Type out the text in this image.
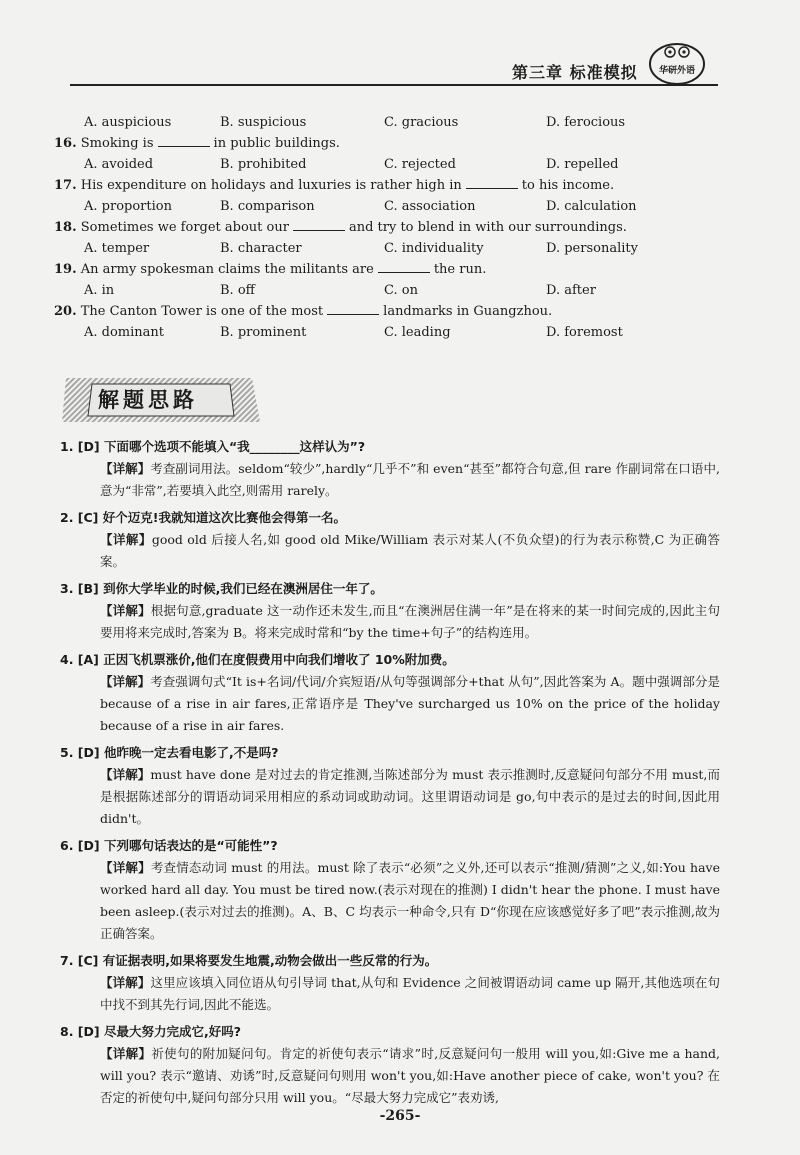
第三章 标准模拟	华研外语
A. auspicious	B. suspicious	C. gracious	D. ferocious
16. Smoking is	in public buildings.
A. avoided	B. prohibited	C. rejected	D. repelled
17. His expenditure on holidays and luxuries is rather high in	to his income.
A. proportion	B. comparison	C. association	D. calculation
18. Sometimes we forget about our	and try to blend in with our surroundings.
A. temper	B. character	C. individuality	D. personality
19. An army spokesman claims the militants are	the run.
A. in	B. off	C. on	D. after
20. The Canton Tower is one of the most	landmarks in Guangzhou.
A. dominant	B. prominent	C. leading	D. foremost
解题思路
1. [D] 下面哪个选项不能填入“我________这样认为”?
【详解】考查副词用法。seldom“较少”,hardly“几乎不”和 even“甚至”都符合句意,但 rare 作副词常在口语中,意为“非常”,若要填入此空,则需用 rarely。
2. [C] 好个迈克!我就知道这次比赛他会得第一名。
【详解】good old 后接人名,如 good old Mike/William 表示对某人(不负众望)的行为表示称赞,C 为正确答案。
3. [B] 到你大学毕业的时候,我们已经在澳洲居住一年了。
【详解】根据句意,graduate 这一动作还未发生,而且“在澳洲居住满一年”是在将来的某一时间完成的,因此主句要用将来完成时,答案为 B。将来完成时常和“by the time+句子”的结构连用。
4. [A] 正因飞机票涨价,他们在度假费用中向我们增收了 10%附加费。
【详解】考查强调句式“It is+名词/代词/介宾短语/从句等强调部分+that 从句”,因此答案为 A。题中强调部分是 because of a rise in air fares,正常语序是 They've surcharged us 10% on the price of the holiday because of a rise in air fares.
5. [D] 他昨晚一定去看电影了,不是吗?
【详解】must have done 是对过去的肯定推测,当陈述部分为 must 表示推测时,反意疑问句部分不用 must,而是根据陈述部分的谓语动词采用相应的系动词或助动词。这里谓语动词是 go,句中表示的是过去的时间,因此用 didn't。
6. [D] 下列哪句话表达的是“可能性”?
【详解】考查情态动词 must 的用法。must 除了表示“必须”之义外,还可以表示“推测/猜测”之义,如:You have worked hard all day. You must be tired now.(表示对现在的推测) I didn't hear the phone. I must have been asleep.(表示对过去的推测)。A、B、C 均表示一种命令,只有 D“你现在应该感觉好多了吧”表示推测,故为正确答案。
7. [C] 有证据表明,如果将要发生地震,动物会做出一些反常的行为。
【详解】这里应该填入同位语从句引导词 that,从句和 Evidence 之间被谓语动词 came up 隔开,其他选项在句中找不到其先行词,因此不能选。
8. [D] 尽最大努力完成它,好吗?
【详解】祈使句的附加疑问句。肯定的祈使句表示“请求”时,反意疑问句一般用 will you,如:Give me a hand, will you? 表示“邀请、劝诱”时,反意疑问句则用 won't you,如:Have another piece of cake, won't you? 在否定的祈使句中,疑问句部分只用 will you。“尽最大努力完成它”表劝诱,
-265-
